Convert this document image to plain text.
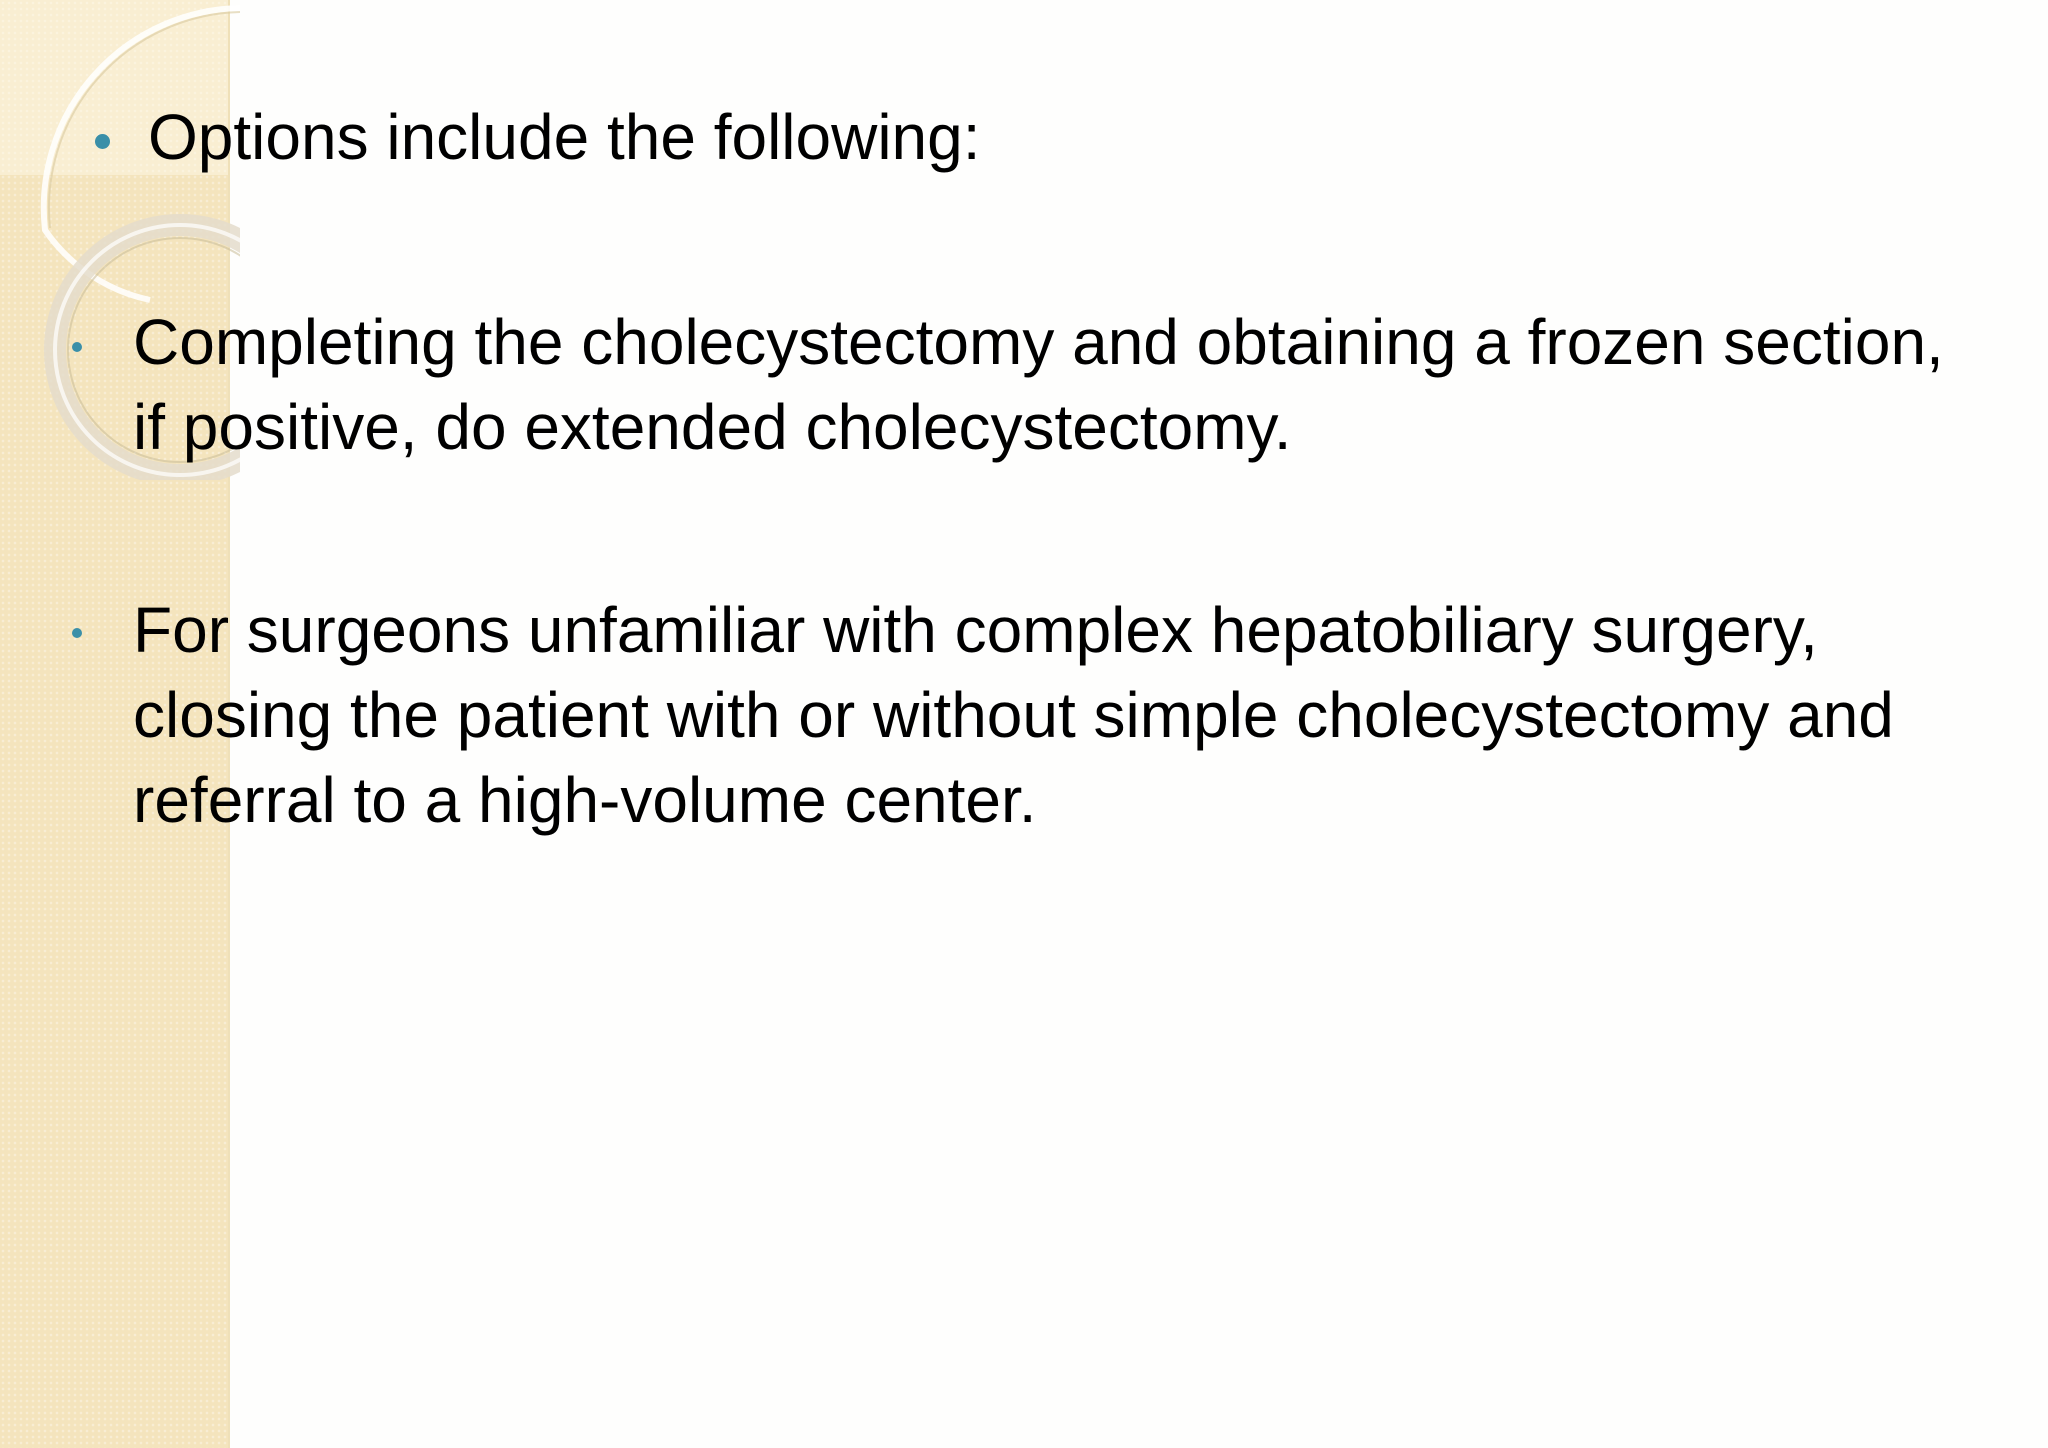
Options include the following:

Completing the cholecystectomy and obtaining a frozen section, if positive, do extended cholecystectomy.

For surgeons unfamiliar with complex hepatobiliary surgery, closing the patient with or without simple cholecystectomy and referral to a high-volume center.
